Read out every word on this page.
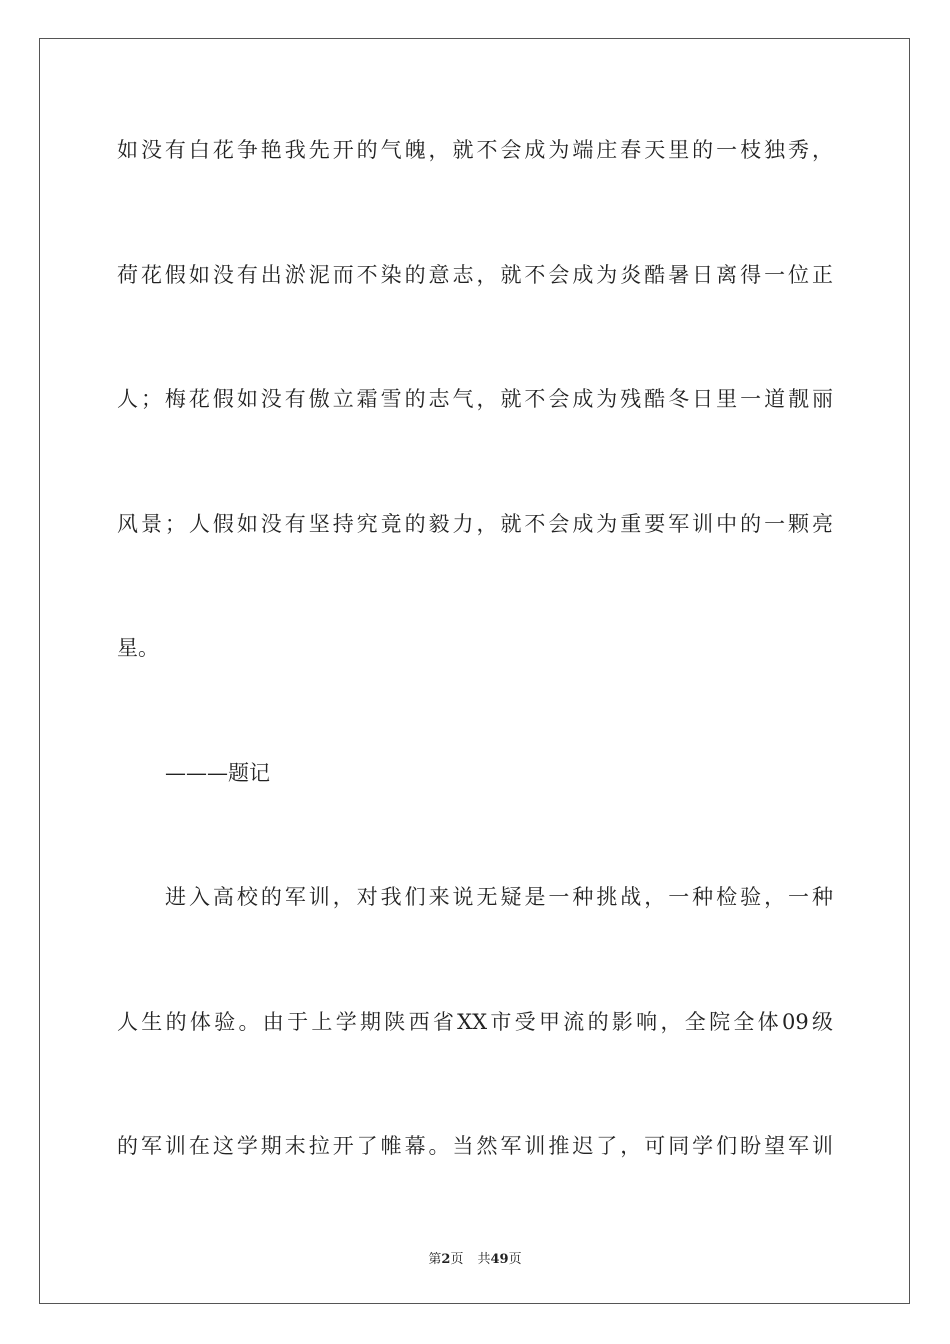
如没有白花争艳我先开的气魄，就不会成为端庄春天里的一枝独秀，
荷花假如没有出淤泥而不染的意志，就不会成为炎酷暑日离得一位正
人；梅花假如没有傲立霜雪的志气，就不会成为残酷冬日里一道靓丽
风景；人假如没有坚持究竟的毅力，就不会成为重要军训中的一颗亮
星。
———题记
进入高校的军训，对我们来说无疑是一种挑战，一种检验，一种
人生的体验。由于上学期陕西省XX市受甲流的影响，全院全体09级
的军训在这学期末拉开了帷幕。当然军训推迟了，可同学们盼望军训
第2页 共49页
